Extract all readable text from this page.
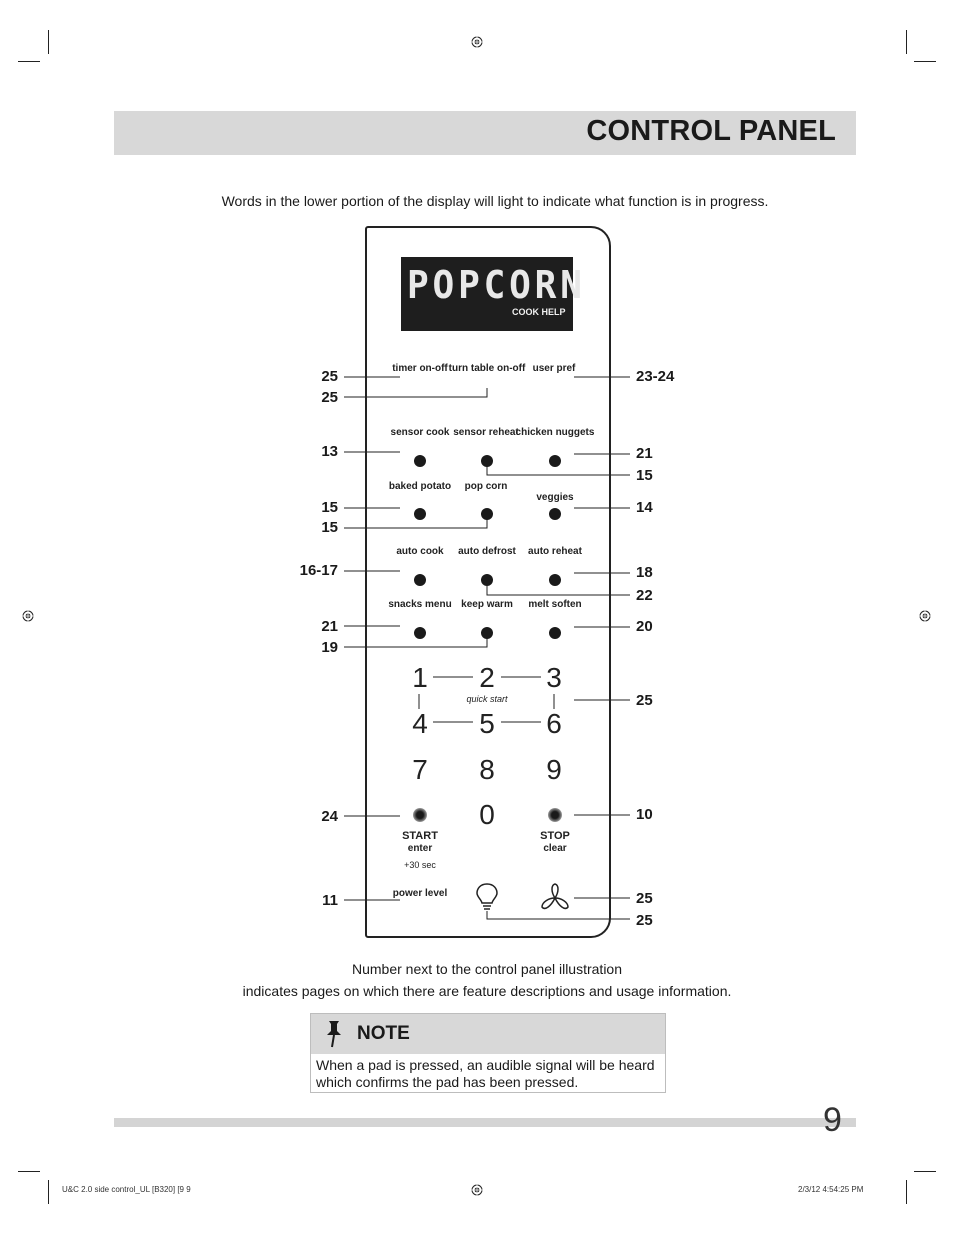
CONTROL PANEL
Words in the lower portion of the display will light to indicate what function is in progress.
POPCORN
COOK HELP
timer on-off turn table on-off user pref
sensor cook sensor reheat
chicken nuggets
baked potato	pop corn
veggies
auto cook	auto defrost	auto reheat
snacks menu keep warm	melt soften
1	2	3
quick start
4	5	6
7	8	9
0
START
enter
+30 sec
STOP
clear
power level
25
25
13
15
15
16-17
21
19
24
11
23-24
21
15
14
18
22
20
25
10
25
25
Number next to the control panel illustration
indicates pages on which there are feature descriptions and usage information.
NOTE
When a pad is pressed, an audible signal will be heard which confirms the pad has been pressed.
9
U&C 2.0 side control_UL [B320] [9 9	2/3/12 4:54:25 PM
